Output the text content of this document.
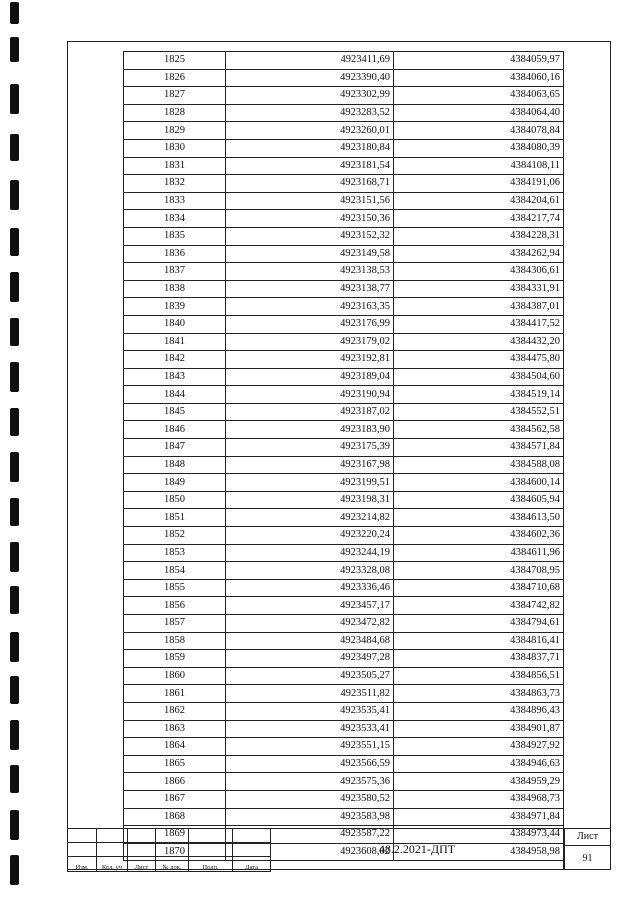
1825	4923411,69	4384059,97
1826	4923390,40	4384060,16
1827	4923302,99	4384063,65
1828	4923283,52	4384064,40
1829	4923260,01	4384078,84
1830	4923180,84	4384080,39
1831	4923181,54	4384108,11
1832	4923168,71	4384191,06
1833	4923151,56	4384204,61
1834	4923150,36	4384217,74
1835	4923152,32	4384228,31
1836	4923149,58	4384262,94
1837	4923138,53	4384306,61
1838	4923138,77	4384331,91
1839	4923163,35	4384387,01
1840	4923176,99	4384417,52
1841	4923179,02	4384432,20
1842	4923192,81	4384475,80
1843	4923189,04	4384504,60
1844	4923190,94	4384519,14
1845	4923187,02	4384552,51
1846	4923183,90	4384562,58
1847	4923175,39	4384571,84
1848	4923167,98	4384588,08
1849	4923199,51	4384600,14
1850	4923198,31	4384605,94
1851	4923214,82	4384613,50
1852	4923220,24	4384602,36
1853	4923244,19	4384611,96
1854	4923328,08	4384708,95
1855	4923336,46	4384710,68
1856	4923457,17	4384742,82
1857	4923472,82	4384794,61
1858	4923484,68	4384816,41
1859	4923497,28	4384837,71
1860	4923505,27	4384856,51
1861	4923511,82	4384863,73
1862	4923535,41	4384896,43
1863	4923533,41	4384901,87
1864	4923551,15	4384927,92
1865	4923566,59	4384946,63
1866	4923575,36	4384959,29
1867	4923580,52	4384968,73
1868	4923583,98	4384971,84
1869	4923587,22	4384973,44
1870	4923608,02	4384958,98

Изм.	Кол. уч	Лист	№ док.	Подп.	Дата
48.2.2021-ДПТ
Лист
91
